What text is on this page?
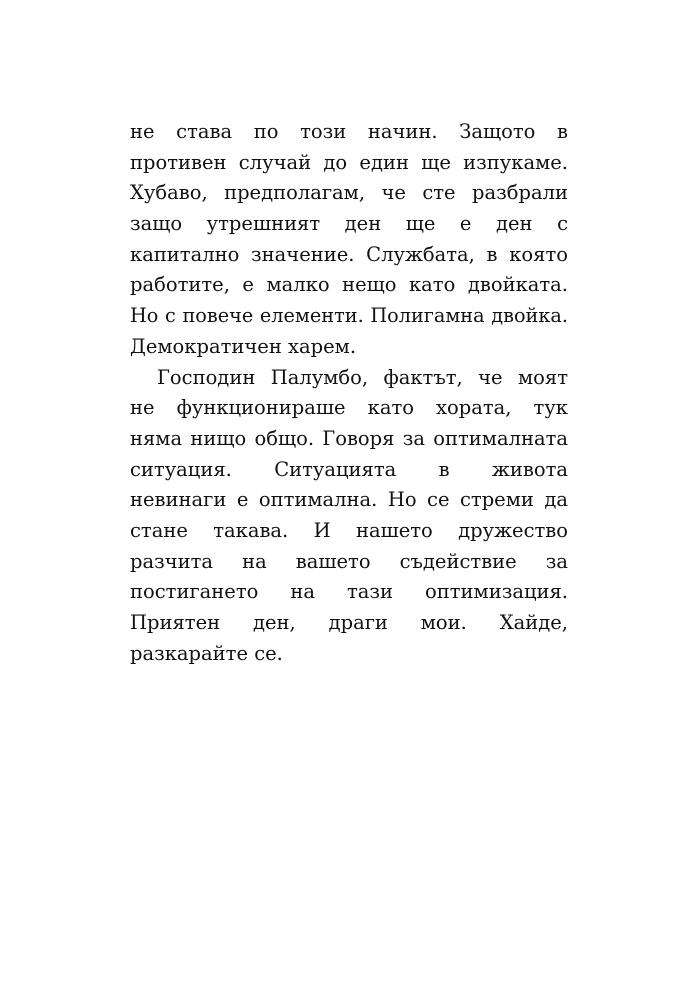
не става по този начин. Защото в
противен случай до един ще изпукаме.
Хубаво, предполагам, че сте разбрали
защо утрешният ден ще е ден с
капитално значение. Службата, в която
работите, е малко нещо като двойката.
Но с повече елементи. Полигамна двойка.
Демократичен харем.
Господин Палумбо, фактът, че моят
не функционираше като хората, тук
няма нищо общо. Говоря за оптималната
ситуация. Ситуацията в живота
невинаги е оптимална. Но се стреми да
стане такава. И нашето дружество
разчита на вашето съдействие за
постигането на тази оптимизация.
Приятен ден, драги мои. Хайде,
разкарайте се.
